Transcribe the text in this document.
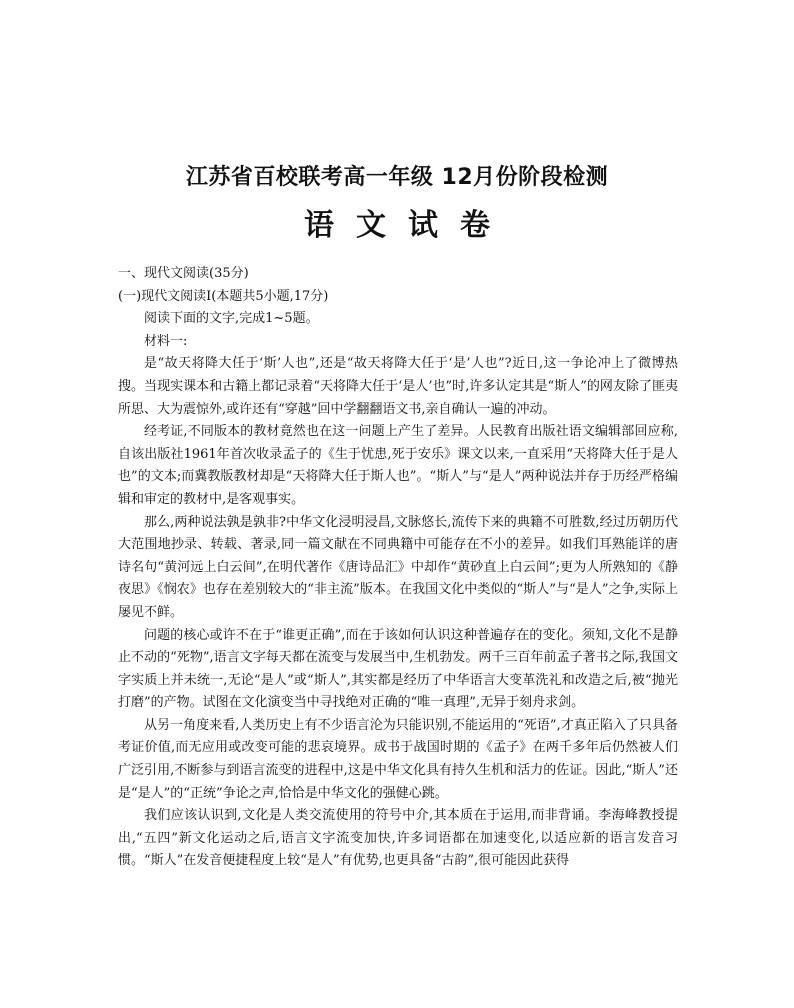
江苏省百校联考高一年级 12月份阶段检测
语文试卷

一、现代文阅读(35分)

(一)现代文阅读Ⅰ(本题共5小题,17分)

阅读下面的文字,完成1~5题。

材料一:

是“故天将降大任于‘斯’人也”,还是“故天将降大任于‘是’人也”?近日,这一争论冲上了微博热搜。当现实课本和古籍上都记录着“天将降大任于‘是人’也”时,许多认定其是“斯人”的网友除了匪夷所思、大为震惊外,或许还有“穿越”回中学翻翻语文书,亲自确认一遍的冲动。

经考证,不同版本的教材竟然也在这一问题上产生了差异。人民教育出版社语文编辑部回应称,自该出版社1961年首次收录孟子的《生于忧患,死于安乐》课文以来,一直采用“天将降大任于是人也”的文本;而冀教版教材却是“天将降大任于斯人也”。“斯人”与“是人”两种说法并存于历经严格编辑和审定的教材中,是客观事实。

那么,两种说法孰是孰非?中华文化浸明浸昌,文脉悠长,流传下来的典籍不可胜数,经过历朝历代大范围地抄录、转载、著录,同一篇文献在不同典籍中可能存在不小的差异。如我们耳熟能详的唐诗名句“黄河远上白云间”,在明代著作《唐诗品汇》中却作“黄砂直上白云间”;更为人所熟知的《静夜思》《悯农》也存在差别较大的“非主流”版本。在我国文化中类似的“斯人”与“是人”之争,实际上屡见不鲜。

问题的核心或许不在于“谁更正确”,而在于该如何认识这种普遍存在的变化。须知,文化不是静止不动的“死物”,语言文字每天都在流变与发展当中,生机勃发。两千三百年前孟子著书之际,我国文字实质上并未统一,无论“是人”或“斯人”,其实都是经历了中华语言大变革洗礼和改造之后,被“抛光打磨”的产物。试图在文化演变当中寻找绝对正确的“唯一真理”,无异于刻舟求剑。

从另一角度来看,人类历史上有不少语言沦为只能识别,不能运用的“死语”,才真正陷入了只具备考证价值,而无应用或改变可能的悲哀境界。成书于战国时期的《孟子》在两千多年后仍然被人们广泛引用,不断参与到语言流变的进程中,这是中华文化具有持久生机和活力的佐证。因此,“斯人”还是“是人”的“正统”争论之声,恰恰是中华文化的强健心跳。

我们应该认识到,文化是人类交流使用的符号中介,其本质在于运用,而非背诵。李海峰教授提出,“五四”新文化运动之后,语言文字流变加快,许多词语都在加速变化,以适应新的语言发音习惯。“斯人”在发音便捷程度上较“是人”有优势,也更具备“古韵”,很可能因此获得
